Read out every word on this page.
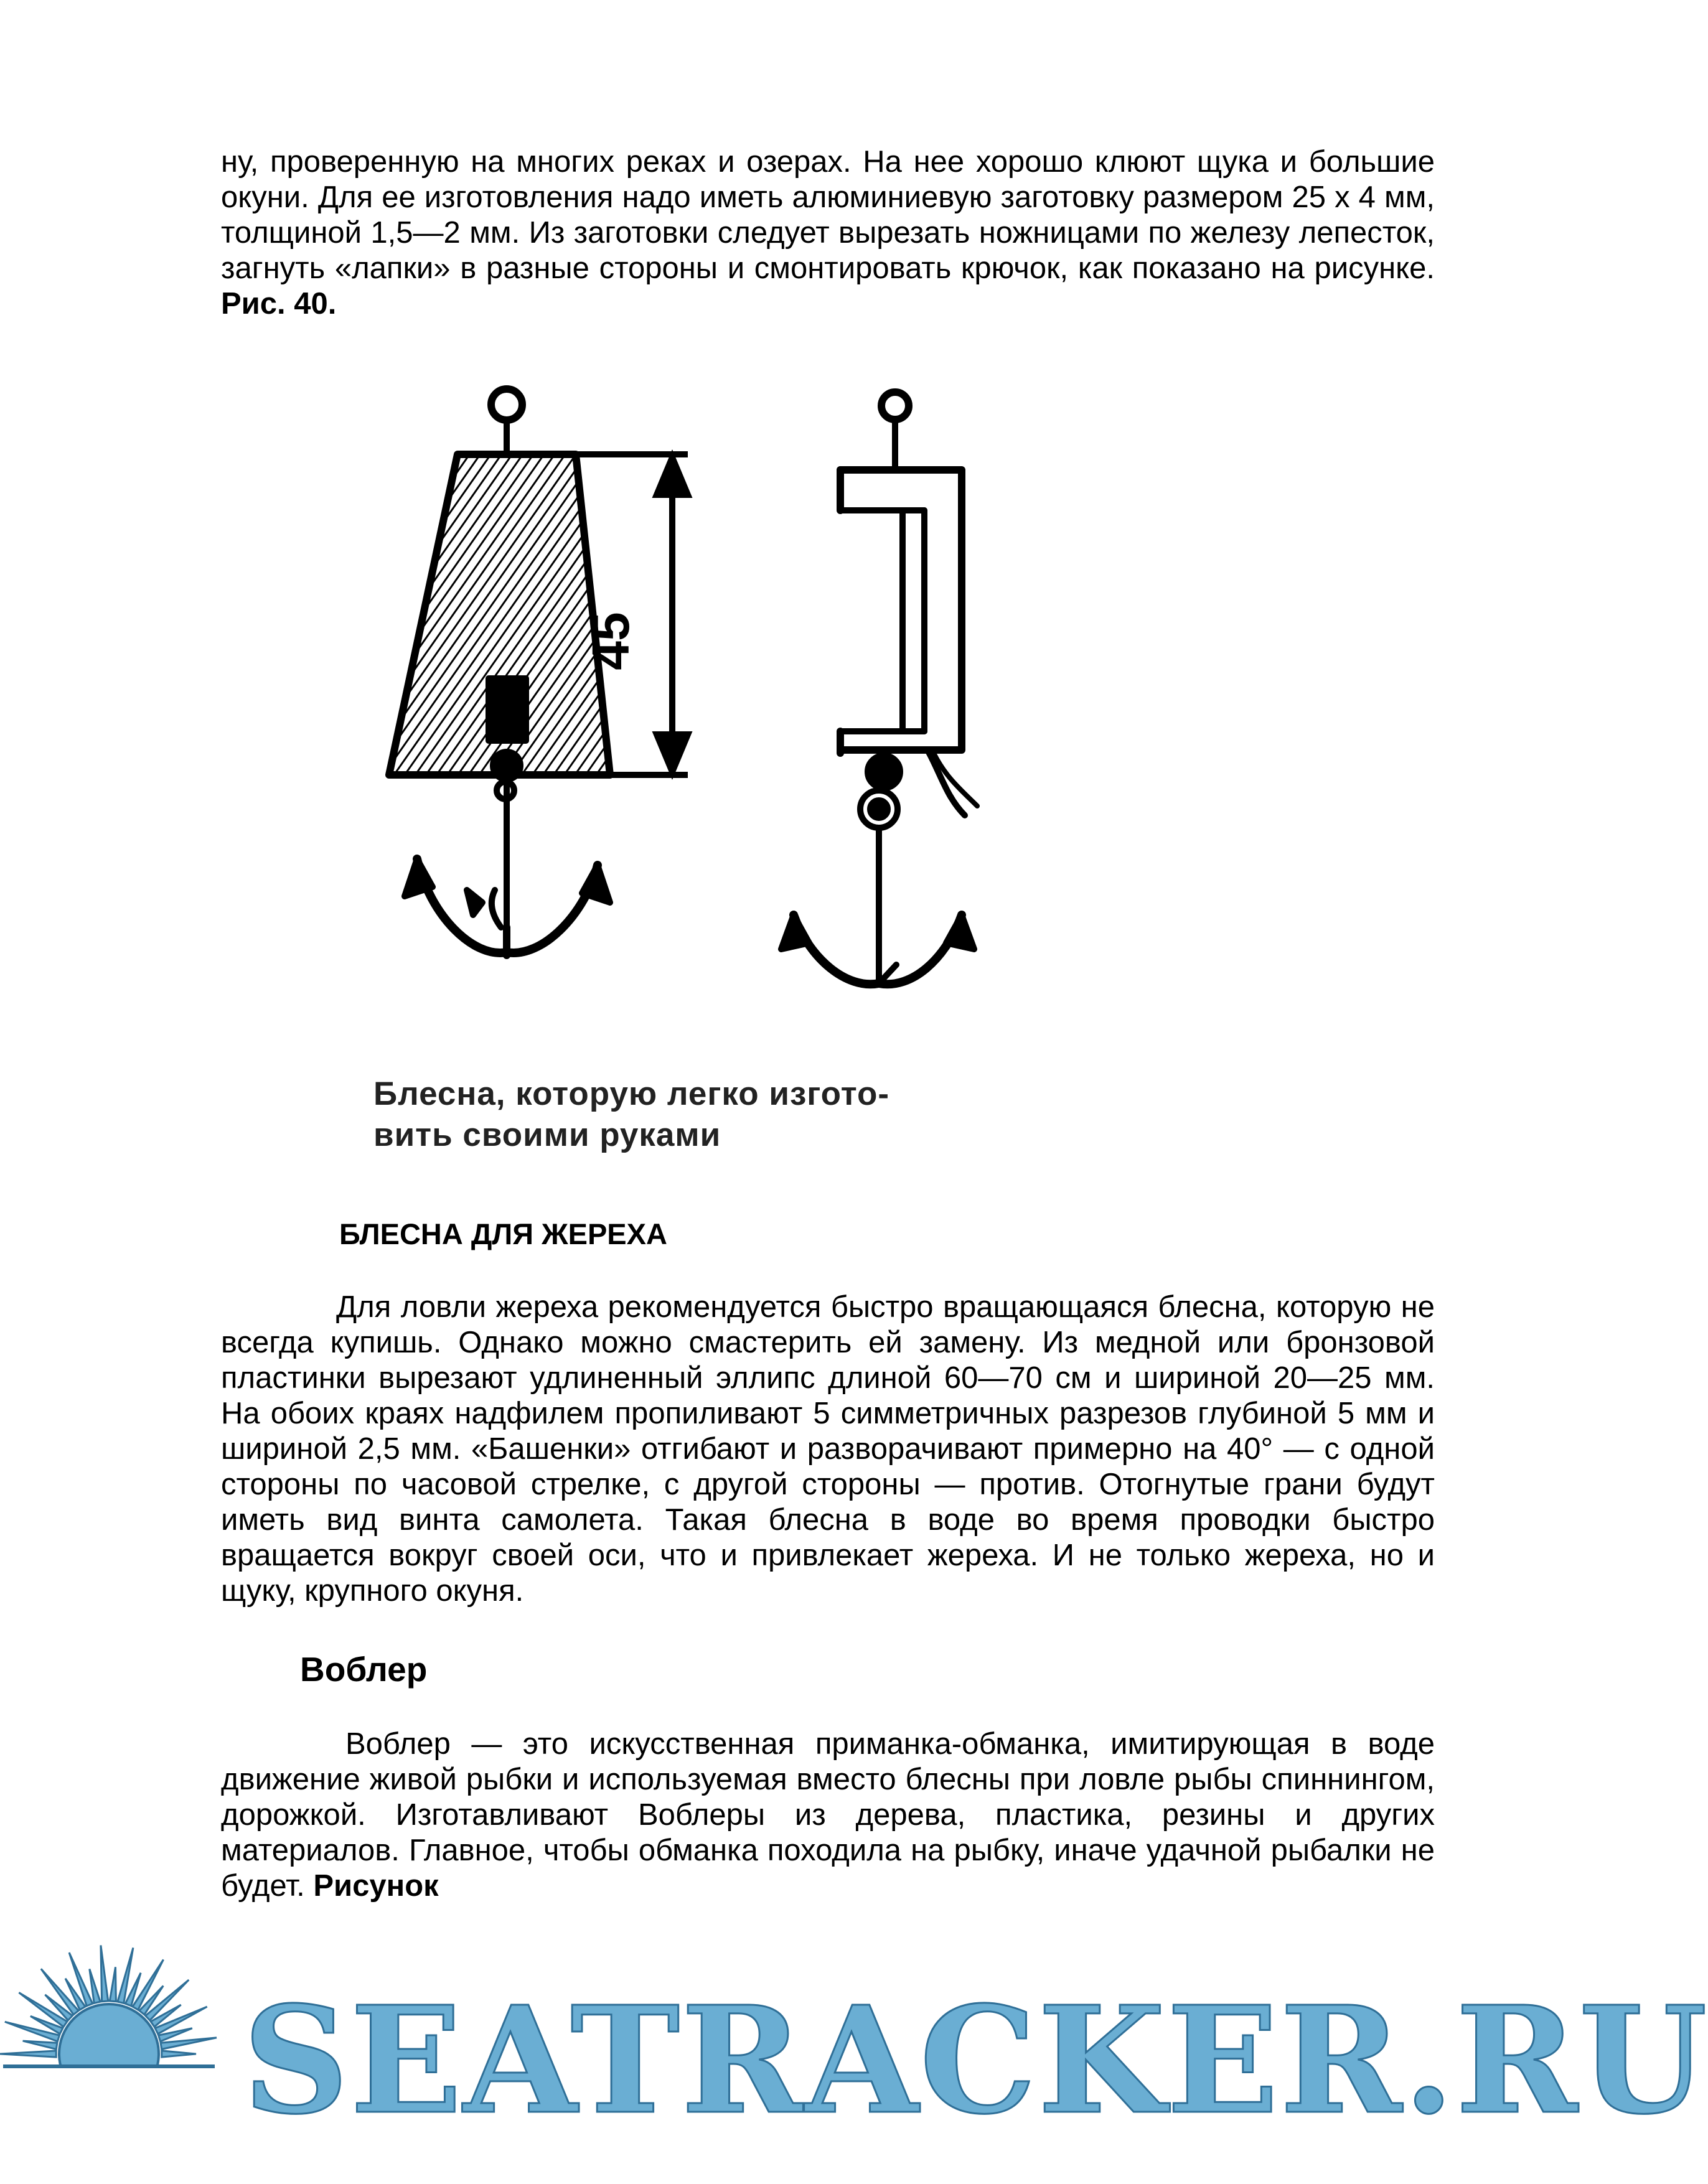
ну, проверенную на многих реках и озерах. На нее хорошо клюют щука и большие окуни. Для ее изготовления надо иметь алюминиевую заготовку размером 25 х 4 мм, толщиной 1,5—2 мм. Из заготовки следует вырезать ножницами по железу лепесток, загнуть «лапки» в разные стороны и смонтировать крючок, как показано на рисунке. Рис. 40.

45
Блесна, которую легко изгото-
вить своими руками
БЛЕСНА ДЛЯ ЖЕРЕХА

Для ловли жереха рекомендуется быстро вращающаяся блесна, которую не всегда купишь. Однако можно смастерить ей замену. Из медной или бронзовой пластинки вырезают удлиненный эллипс длиной 60—70 см и шириной 20—25 мм. На обоих краях надфилем пропиливают 5 симметричных разрезов глубиной 5 мм и шириной 2,5 мм. «Башенки» отгибают и разворачивают примерно на 40° — с одной стороны по часовой стрелке, с другой стороны — против. Отогнутые грани будут иметь вид винта самолета. Такая блесна в воде во время проводки быстро вращается вокруг своей оси, что и привлекает жереха. И не только жереха, но и щуку, крупного окуня.

Воблер

Воблер — это искусственная приманка-обманка, имитирующая в воде движение живой рыбки и используемая вместо блесны при ловле рыбы спиннингом, дорожкой. Изготавливают Воблеры из дерева, пластика, резины и других материалов. Главное, чтобы обманка походила на рыбку, иначе удачной рыбалки не будет. Рисунок

SEATRACKER.RU
